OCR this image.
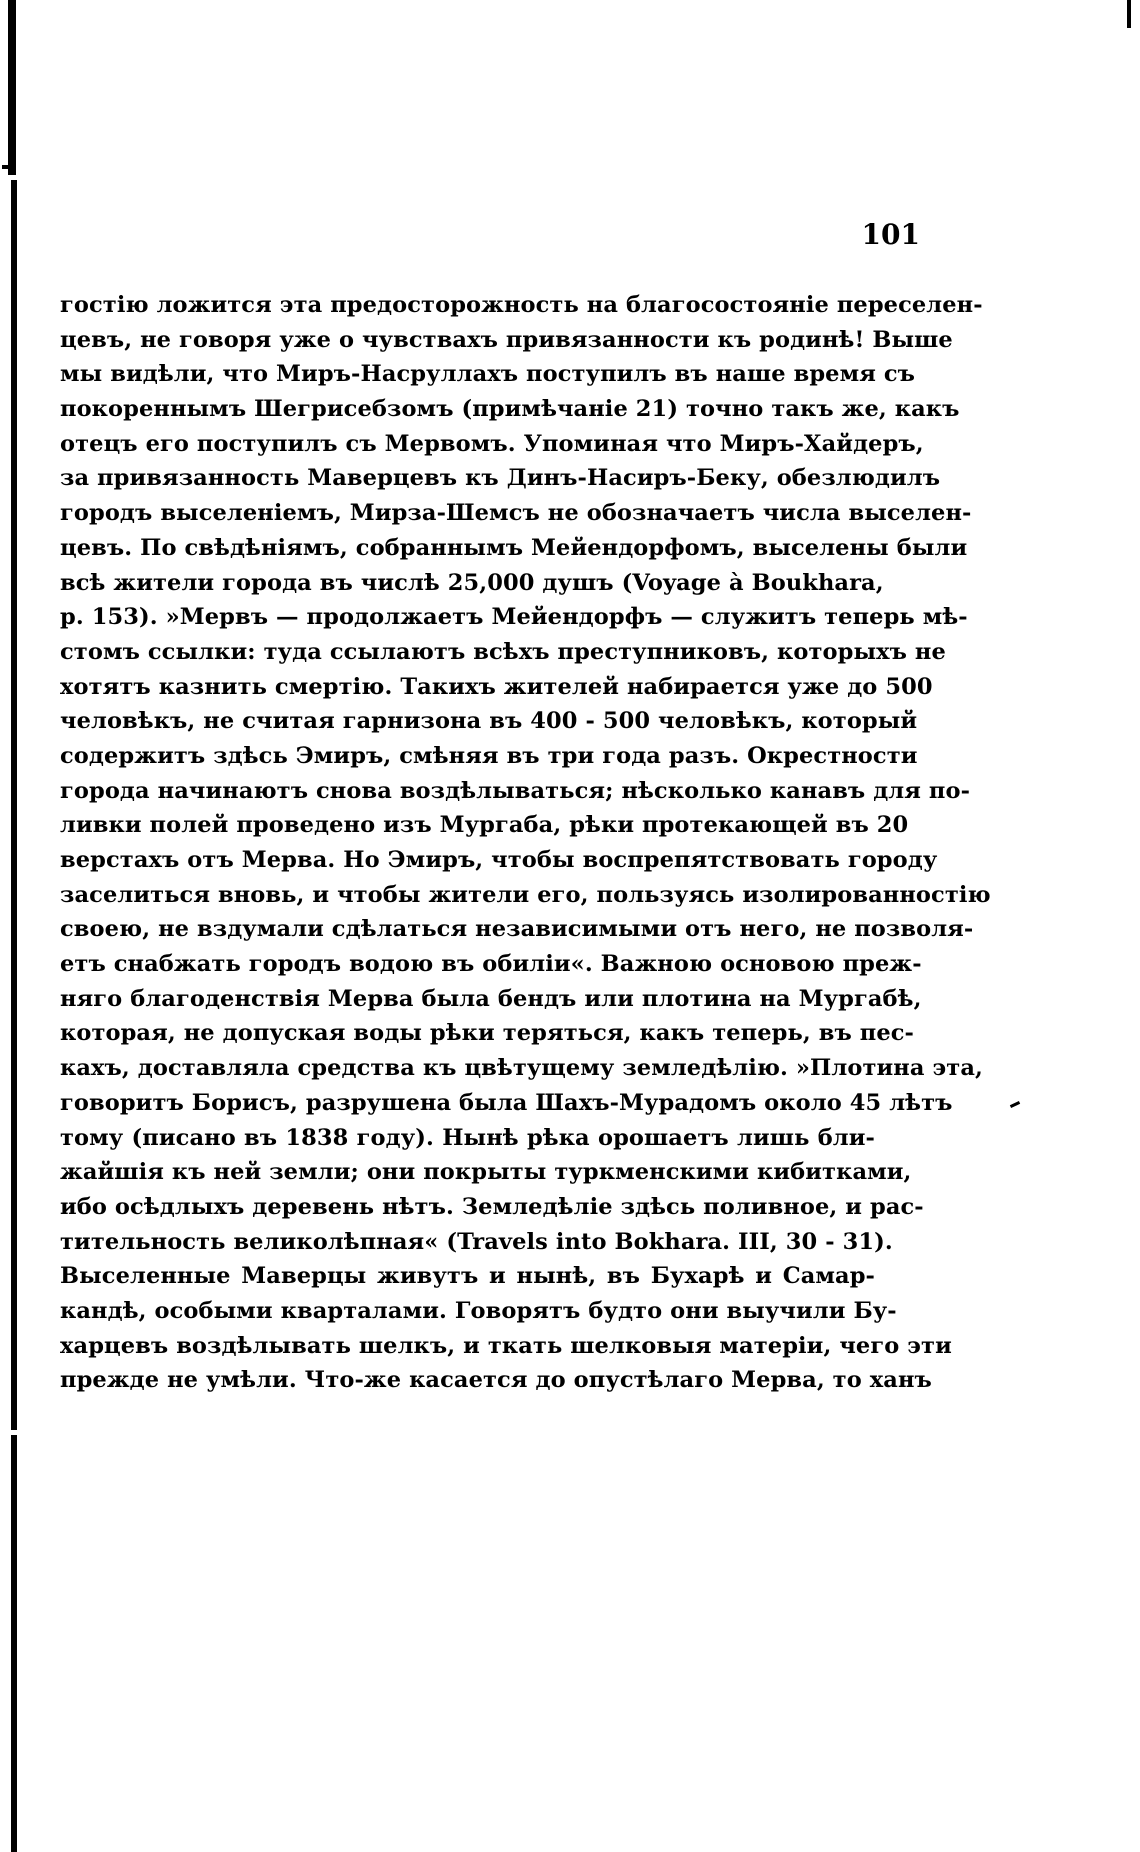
101
гостію ложится эта предосторожность на благосостояніе переселен-
цевъ, не говоря уже о чувствахъ привязанности къ родинѣ! Выше
мы видѣли, что Миръ-Насруллахъ поступилъ въ наше время съ
покореннымъ Шегрисебзомъ (примѣчаніе 21) точно такъ же, какъ
отецъ его поступилъ съ Мервомъ. Упоминая что Миръ-Хайдеръ,
за привязанность Маверцевъ къ Динъ-Насиръ-Беку, обезлюдилъ
городъ выселеніемъ, Мирза-Шемсъ не обозначаетъ числа выселен-
цевъ. По свѣдѣніямъ, собраннымъ Мейендорфомъ, выселены были
всѣ жители города въ числѣ 25,000 душъ (Voyage à Boukhara,
p. 153). »Мервъ — продолжаетъ Мейендорфъ — служитъ теперь мѣ-
стомъ ссылки: туда ссылаютъ всѣхъ преступниковъ, которыхъ не
хотятъ казнить смертію. Такихъ жителей набирается уже до 500
человѣкъ, не считая гарнизона въ 400 - 500 человѣкъ, который
содержитъ здѣсь Эмиръ, смѣняя въ три года разъ. Окрестности
города начинаютъ снова воздѣлываться; нѣсколько канавъ для по-
ливки полей проведено изъ Мургаба, рѣки протекающей въ 20
верстахъ отъ Мерва. Но Эмиръ, чтобы воспрепятствовать городу
заселиться вновь, и чтобы жители его, пользуясь изолированностію
своею, не вздумали сдѣлаться независимыми отъ него, не позволя-
етъ снабжать городъ водою въ обиліи«. Важною основою преж-
няго благоденствія Мерва была бендъ или плотина на Мургабѣ,
которая, не допуская воды рѣки теряться, какъ теперь, въ пес-
кахъ, доставляла средства къ цвѣтущему земледѣлію. »Плотина эта,
говоритъ Борисъ, разрушена была Шахъ-Мурадомъ около 45 лѣтъ
тому (писано въ 1838 году). Нынѣ рѣка орошаетъ лишь бли-
жайшія къ ней земли; они покрыты туркменскими кибитками,
ибо осѣдлыхъ деревень нѣтъ. Земледѣліе здѣсь поливное, и рас-
тительность великолѣпная« (Travels into Bokhara. III, 30 - 31).
Выселенные Маверцы живутъ и нынѣ, въ Бухарѣ и Самар-
кандѣ, особыми кварталами. Говорятъ будто они выучили Бу-
харцевъ воздѣлывать шелкъ, и ткать шелковыя матеріи, чего эти
прежде не умѣли. Что-же касается до опустѣлаго Мерва, то ханъ
